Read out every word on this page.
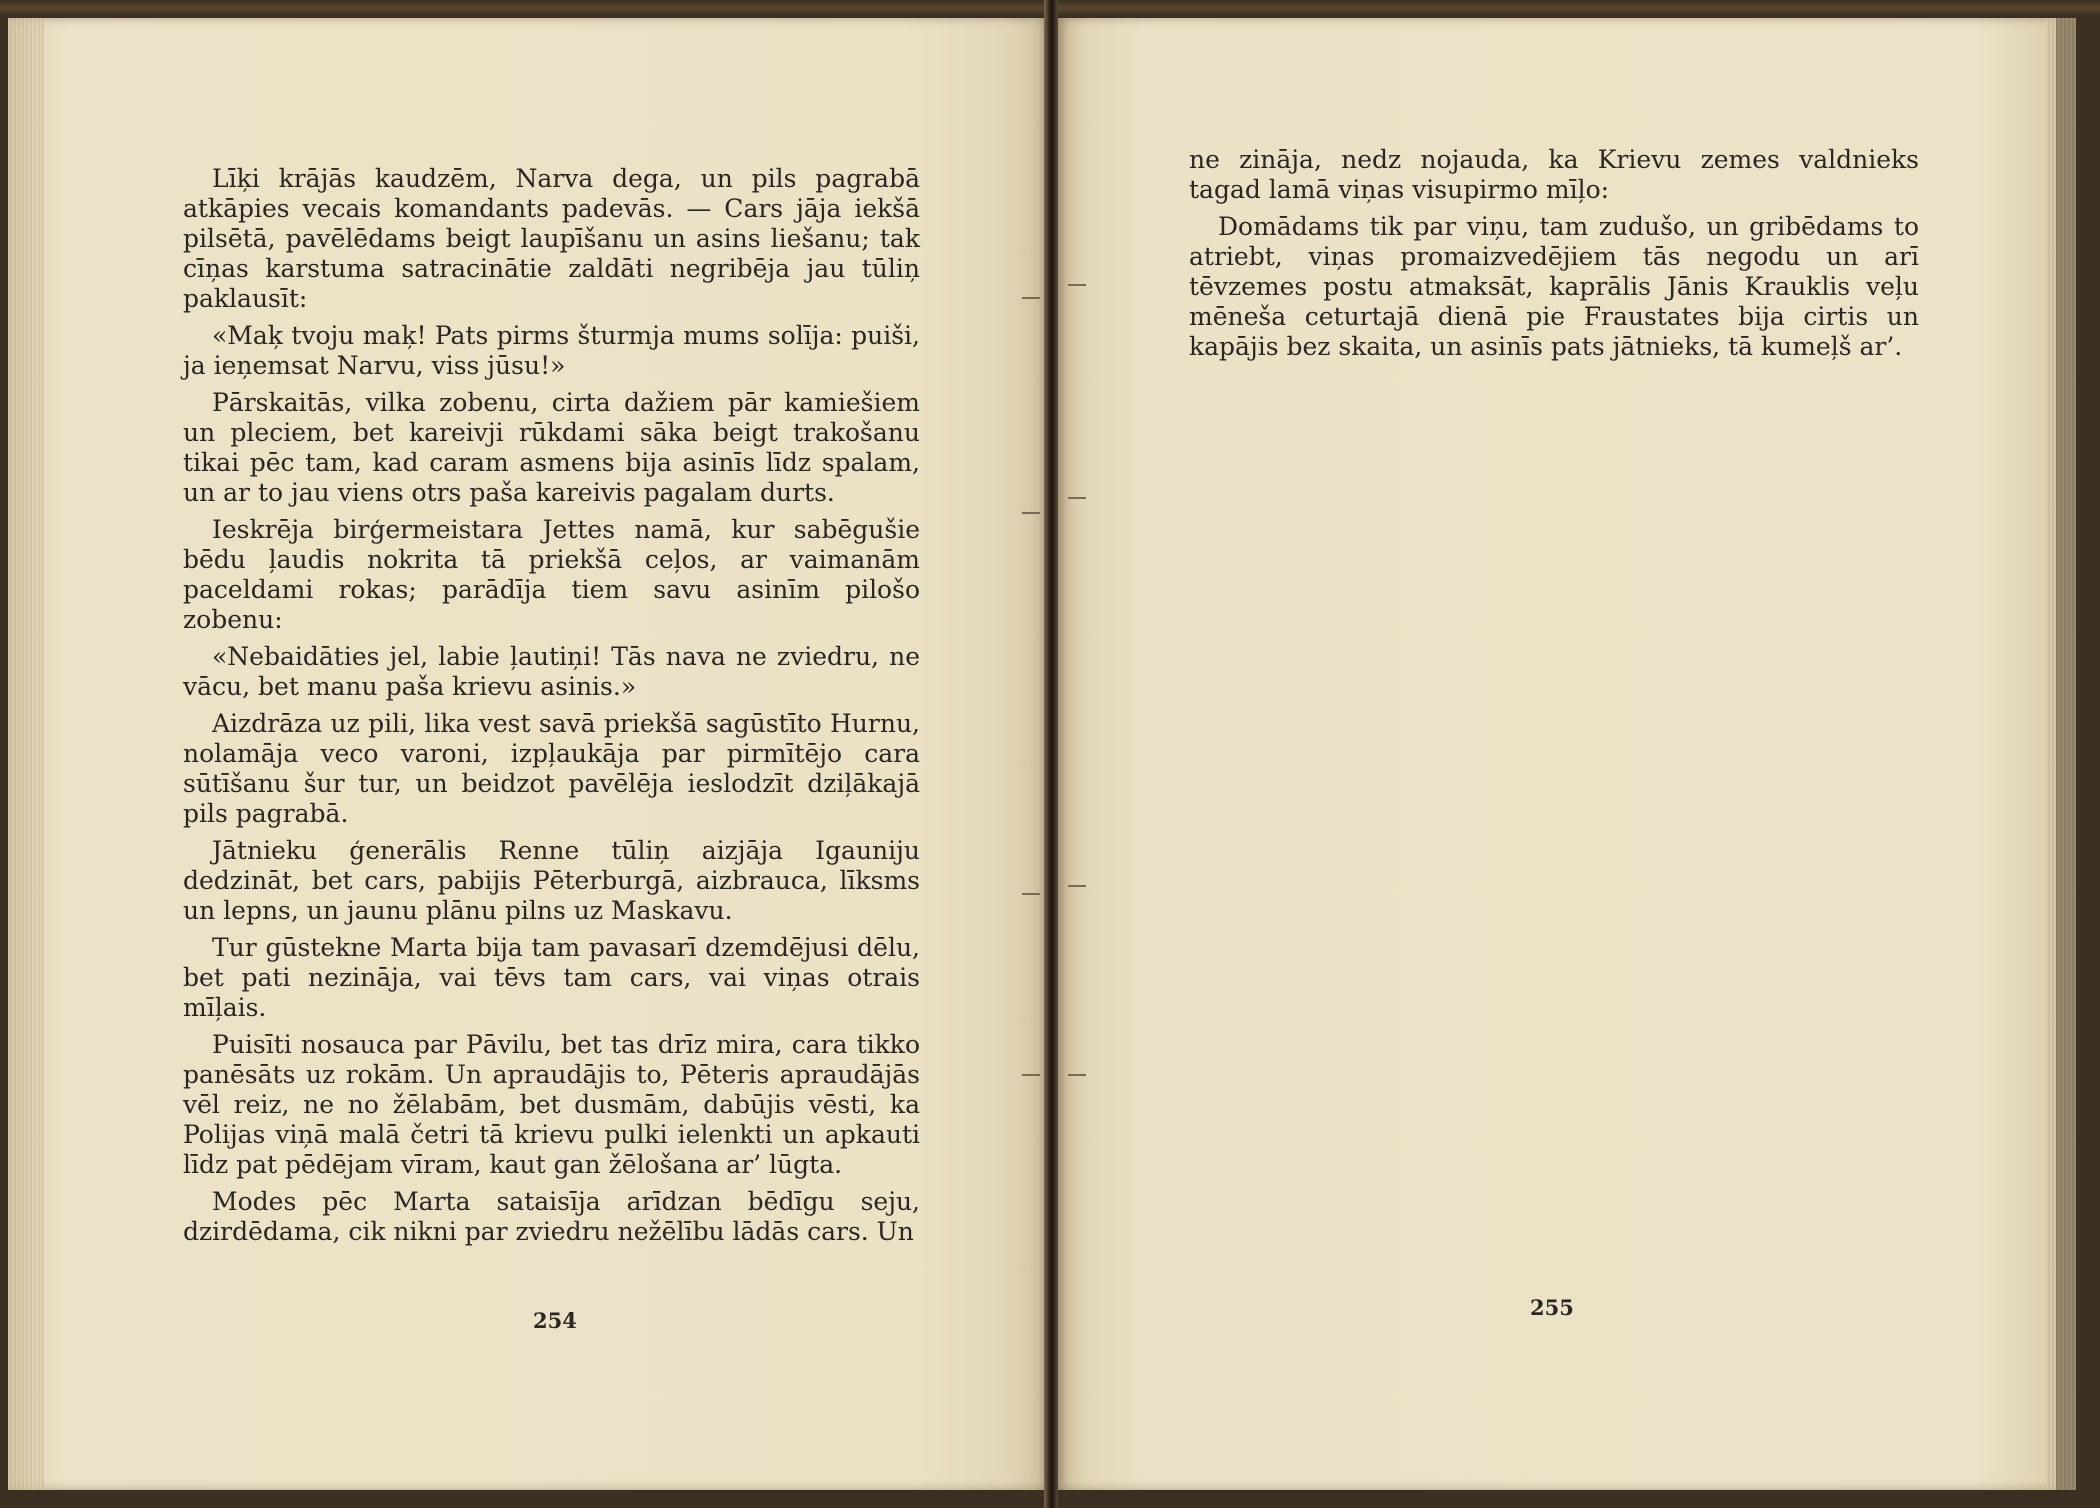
Līķi krājās kaudzēm, Narva dega, un pils pagrabā atkāpies vecais komandants padevās. — Cars jāja iekšā pilsētā, pavēlēdams beigt laupīšanu un asins liešanu; tak cīņas karstuma satracinātie zaldāti negribēja jau tūliņ paklausīt:

«Maķ tvoju maķ! Pats pirms šturmja mums solīja: puiši, ja ieņemsat Narvu, viss jūsu!»

Pārskaitās, vilka zobenu, cirta dažiem pār kamiešiem un pleciem, bet kareivji rūkdami sāka beigt trakošanu tikai pēc tam, kad caram asmens bija asinīs līdz spalam, un ar to jau viens otrs paša kareivis pagalam durts.

Ieskrēja birģermeistara Jettes namā, kur sabēgušie bēdu ļaudis nokrita tā priekšā ceļos, ar vaimanām paceldami rokas; parādīja tiem savu asinīm pilošo zobenu:

«Nebaidāties jel, labie ļautiņi! Tās nava ne zviedru, ne vācu, bet manu paša krievu asinis.»

Aizdrāza uz pili, lika vest savā priekšā sagūstīto Hurnu, nolamāja veco varoni, izpļaukāja par pirmītējo cara sūtīšanu šur tur, un beidzot pavēlēja ieslodzīt dziļākajā pils pagrabā.

Jātnieku ģenerālis Renne tūliņ aizjāja Igauniju dedzināt, bet cars, pabijis Pēterburgā, aizbrauca, līksms un lepns, un jaunu plānu pilns uz Maskavu.

Tur gūstekne Marta bija tam pavasarī dzemdējusi dēlu, bet pati nezināja, vai tēvs tam cars, vai viņas otrais mīļais.

Puisīti nosauca par Pāvilu, bet tas drīz mira, cara tikko panēsāts uz rokām. Un apraudājis to, Pēteris apraudājās vēl reiz, ne no žēlabām, bet dusmām, dabūjis vēsti, ka Polijas viņā malā četri tā krievu pulki ielenkti un apkauti līdz pat pēdējam vīram, kaut gan žēlošana ar’ lūgta.

Modes pēc Marta sataisīja arīdzan bēdīgu seju, dzirdēdama, cik nikni par zviedru nežēlību lādās cars. Un

254

ne zināja, nedz nojauda, ka Krievu zemes valdnieks tagad lamā viņas visupirmo mīļo:

Domādams tik par viņu, tam zudušo, un gribēdams to atriebt, viņas promaizvedējiem tās negodu un arī tēvzemes postu atmaksāt, kaprālis Jānis Krauklis veļu mēneša ceturtajā dienā pie Fraustates bija cirtis un kapājis bez skaita, un asinīs pats jātnieks, tā kumeļš ar’.

255
